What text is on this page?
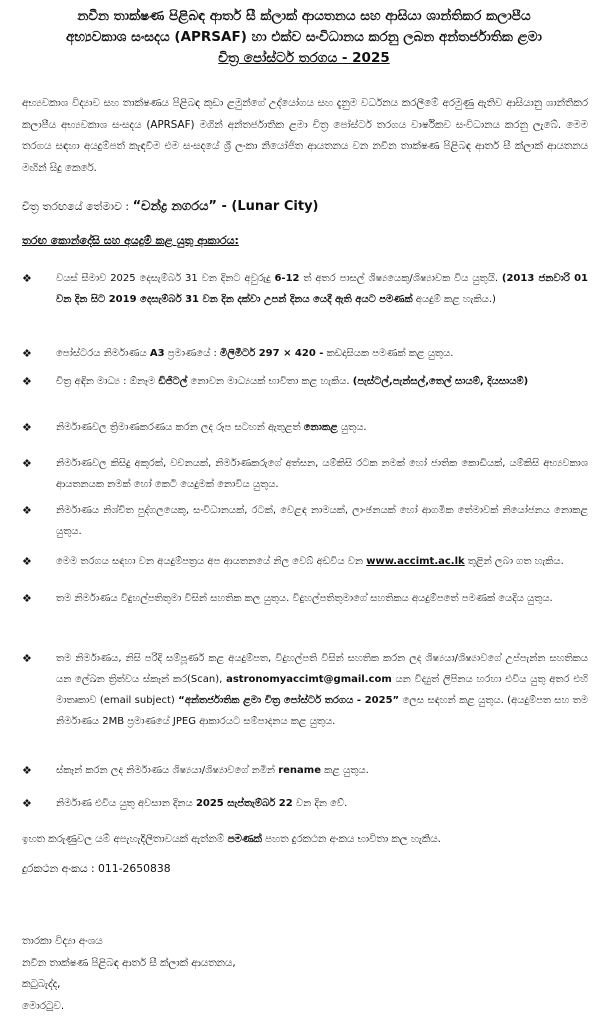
නවීන තාක්ෂණ පිළිබඳ ආතර් සී ක්ලාක් ආයතනය සහ ආසියා ශාන්තිකර කලාපීය
අභ්‍යවකාශ සංසදය (APRSAF) හා එක්ව සංවිධානය කරනු ලබන අන්තර්ජාතික ළමා
චිත්‍ර පෝස්ටර් තරගය - 2025
අභ්‍යවකාශ විද්‍යාව සහ තාක්ෂණය පිළිබඳ කුඩා ළමුන්ගේ උද්යෝගය සහ දැනුම වර්ධනය කරලීමේ අරමුණු ඇතිව ආසියානු ශාන්තිකර කලාපීය අභ්‍යවකාශ සංසදය (APRSAF) මගින් අන්තර්ජාතික ළමා චිත්‍ර පෝස්ටර් තරගය වාර්ෂිකව සංවිධානය කරනු ලැබේ. මෙම තරගය සඳහා අයදුම්පත් කැඳවීම එම සංසදයේ ශ්‍රී ලංකා නියෝජිත ආයතනය වන නවීන තාක්ෂණ පිළිබඳ ආතර් සී ක්ලාක් ආයතනය මඟින් සිදු කෙරේ.
චිත්‍ර තරඟයේ තේමාව : “චන්ද්‍ර නගරය” - (Lunar City)
තරඟ කොන්දේසි සහ අයදුම් කළ යුතු ආකාරය:
❖	වයස් සීමාව 2025 දෙසැම්බර් 31 වන දිනට අවුරුදු 6-12 ත් අතර පාසල් ශිෂ්‍යයෙකු/ශිෂ්‍යාවක විය යුතුයි. (2013 ජනවාරි 01 වන දින සිට 2019 දෙසැම්බර් 31 වන දින දක්වා උපන් දිනය යෙදී ඇති අයට පමණක් අයදුම් කළ හැකිය.)
❖	පෝස්ටරය නිර්මාණය A3 ප්‍රමාණයේ : මිලිමීටර් 297 × 420 - කඩදාසියක පමණක් කළ යුතුය.
❖	චිත්‍ර අඳින මාධ්‍ය : ඕනෑම ඩිජිටල් නොවන මාධ්‍යයක් භාවිතා කළ හැකිය. (පැස්ටල්,පැන්සල්,තෙල් සායම්, දියසායම්)
❖	නිර්මාණවල ත්‍රිමාණකරණය කරන ලද රූප සටහන් ඇතුළත් නොකළ යුතුය.
❖	නිර්මාණවල කිසිදු අකුරක්, වචනයක්, නිර්මාණකරුගේ අත්සන, යම්කිසි රටක නමක් හෝ ජාතික කොඩියක්, යම්කිසි අභ්‍යවකාශ ආයතනයක නමක් හෝ කෙටි යෙදුමක් නොවිය යුතුය.
❖	නිර්මාණය නිශ්චිත පුද්ගලයෙකු, සංවිධානයක්, රටක්, වෙළඳ නාමයක්, ලාංඡනයක් හෝ ආගමික තේමාවක් නියෝජනය නොකළ යුතුය.
❖	මෙම තරගය සඳහා වන අයදුම්පත්‍රය අප ආයතනයේ නිල වෙබ් අඩවිය වන www.accimt.ac.lk තුළින් ලබා ගත හැකිය.
❖	තම නිර්මාණය විදුහල්පතිතුමා විසින් සහතික කල යුතුය. විදුහල්පතිතුමාගේ සහතිකය අයදුම්පතේ පමණක් යෙදිය යුතුය.
❖	තම නිර්මාණය, නිසි පරිදි සම්පූර්ණ කළ අයදුම්පත, විදුහල්පති විසින් සහතික කරන ලද ශිෂ්‍යයා/ශිෂ්‍යාවගේ උප්පැන්න සහතිකය යන ලේඛන ත්‍රිත්වය ස්කෑන් කර(Scan), astronomyaccimt@gmail.com යන විද්‍යුත් ලිපිනය හරහා එවිය යුතු අතර එහි මාතෘකාව (email subject) “අන්තර්ජාතික ළමා චිත්‍ර පෝස්ටර් තරගය - 2025” ලෙස සඳහන් කළ යුතුය. (අයදුම්පත සහ තම නිර්මාණය 2MB ප්‍රමාණයේ JPEG ආකාරයට සම්පාදනය කළ යුතුය.
❖	ස්කෑන් කරන ලද නිර්මාණය ශිෂ්‍යයා/ශිෂ්‍යාවගේ නමින් rename කළ යුතුය.
❖	නිර්මාණ එවිය යුතු අවසාන දිනය 2025 සැප්තැම්බර් 22 වන දින වේ.
ඉහත කරුණුවල යම් අපැහැදිලිතාවයක් ඇත්නම් පමණක් පහත දුරකථන අංකය භාවිතා කල හැකිය.
දුරකථන අංකය : 011-2650838
තාරකා විද්‍යා අංශය
නවීන තාක්ෂණ පිළිබඳ ආතර් සී ක්ලාක් ආයතනය,
කටුබැද්ද,
මොරටුව.
